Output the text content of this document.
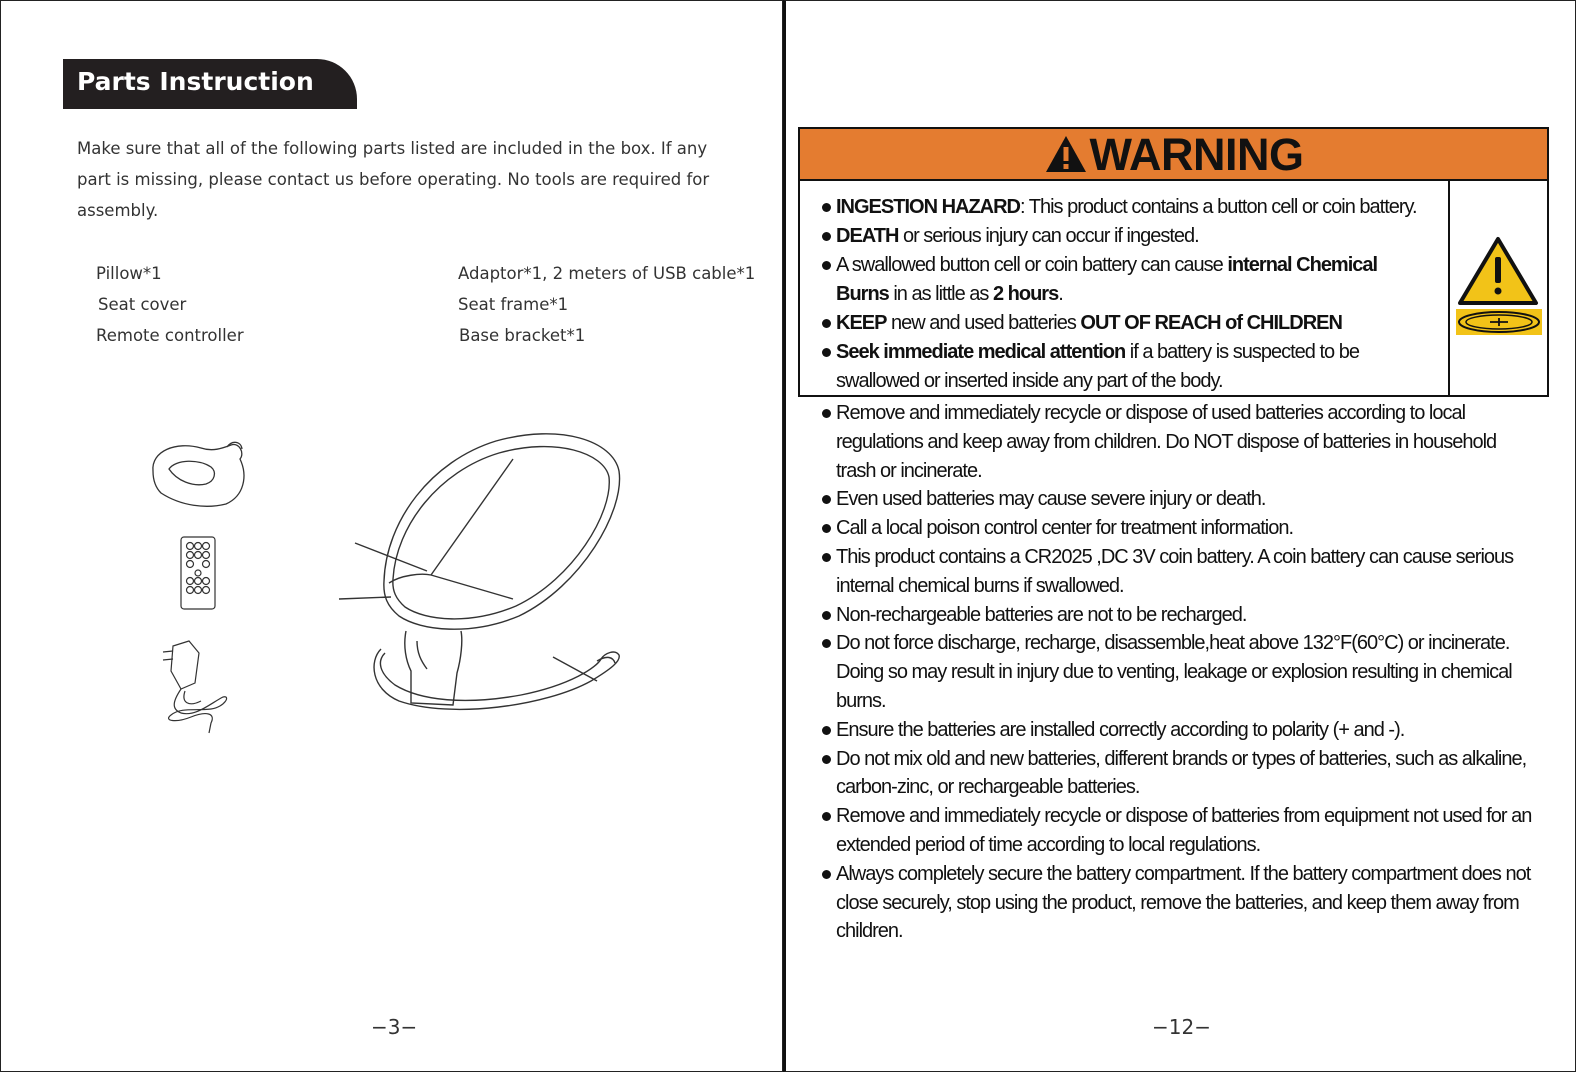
Parts Instruction

Make sure that all of the following parts listed are included in the box. If any part is missing, please contact us before operating. No tools are required for assembly.

Pillow*1
Seat cover
Remote controller
Adaptor*1, 2 meters of USB cable*1
Seat frame*1
Base bracket*1
−3−
WARNING
INGESTION HAZARD: This product contains a button cell or coin battery.
DEATH or serious injury can occur if ingested.
A swallowed button cell or coin battery can cause internal Chemical Burns in as little as 2 hours.
KEEP new and used batteries OUT OF REACH of CHILDREN
Seek immediate medical attention if a battery is suspected to be swallowed or inserted inside any part of the body.
Remove and immediately recycle or dispose of used batteries according to local regulations and keep away from children. Do NOT dispose of batteries in household trash or incinerate.
Even used batteries may cause severe injury or death.
Call a local poison control center for treatment information.
This product contains a CR2025 ,DC 3V coin battery. A coin battery can cause serious internal chemical burns if swallowed.
Non-rechargeable batteries are not to be recharged.
Do not force discharge, recharge, disassemble,heat above 132°F(60°C) or incinerate. Doing so may result in injury due to venting, leakage or explosion resulting in chemical burns.
Ensure the batteries are installed correctly according to polarity (+ and -).
Do not mix old and new batteries, different brands or types of batteries, such as alkaline, carbon-zinc, or rechargeable batteries.
Remove and immediately recycle or dispose of batteries from equipment not used for an extended period of time according to local regulations.
Always completely secure the battery compartment. If the battery compartment does not close securely, stop using the product, remove the batteries, and keep them away from children.
−12−
